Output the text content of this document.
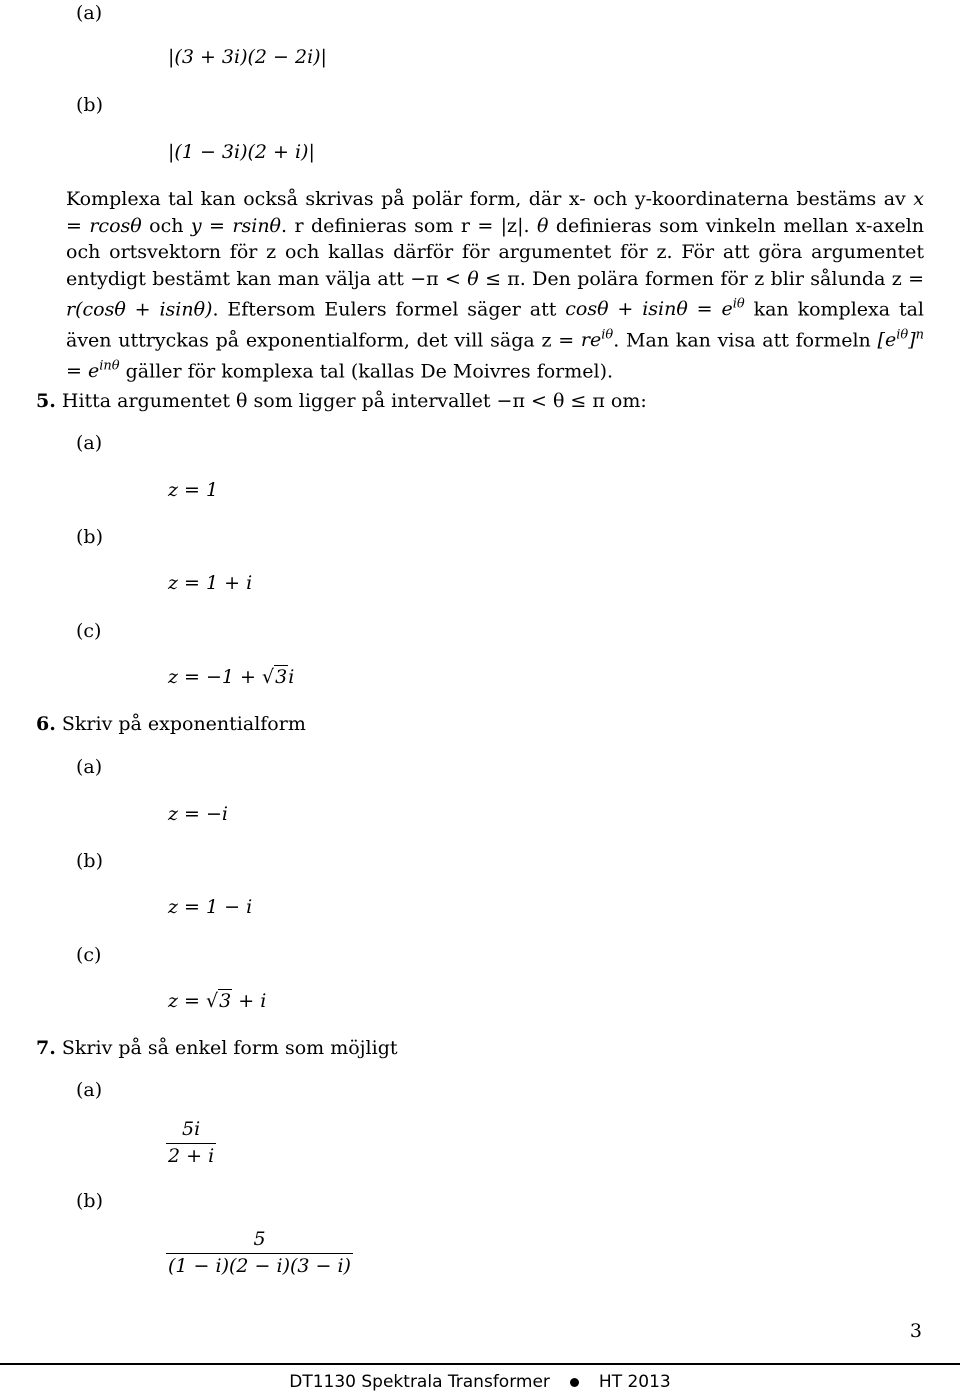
(a)
|(3 + 3i)(2 − 2i)|
(b)
|(1 − 3i)(2 + i)|
Komplexa tal kan också skrivas på polär form, där x- och y-koordinaterna bestäms av x = rcosθ och y = rsinθ. r definieras som r = |z|. θ definieras som vinkeln mellan x-axeln och ortsvektorn för z och kallas därför för argumentet för z. För att göra argumentet entydigt bestämt kan man välja att −π < θ ≤ π. Den polära formen för z blir sålunda z = r(cosθ + isinθ). Eftersom Eulers formel säger att $\cos\theta + isin\theta = e^{i\theta}$ kan komplexa tal även uttryckas på exponentialform, det vill säga $z = re^{i\theta}$. Man kan visa att formeln $[e^{i\theta}]^n = e^{in\theta}$ gäller för komplexa tal (kallas De Moivres formel).
5. Hitta argumentet θ som ligger på intervallet −π < θ ≤ π om:
(a)
z = 1
(b)
z = 1 + i
(c)
z = −1 + √3i
6. Skriv på exponentialform
(a)
z = −i
(b)
z = 1 − i
(c)
z = √3 + i
7. Skriv på så enkel form som möjligt
(a)
5i
2 + i
(b)
5
(1 − i)(2 − i)(3 − i)
3
DT1130 Spektrala Transformer	HT 2013
